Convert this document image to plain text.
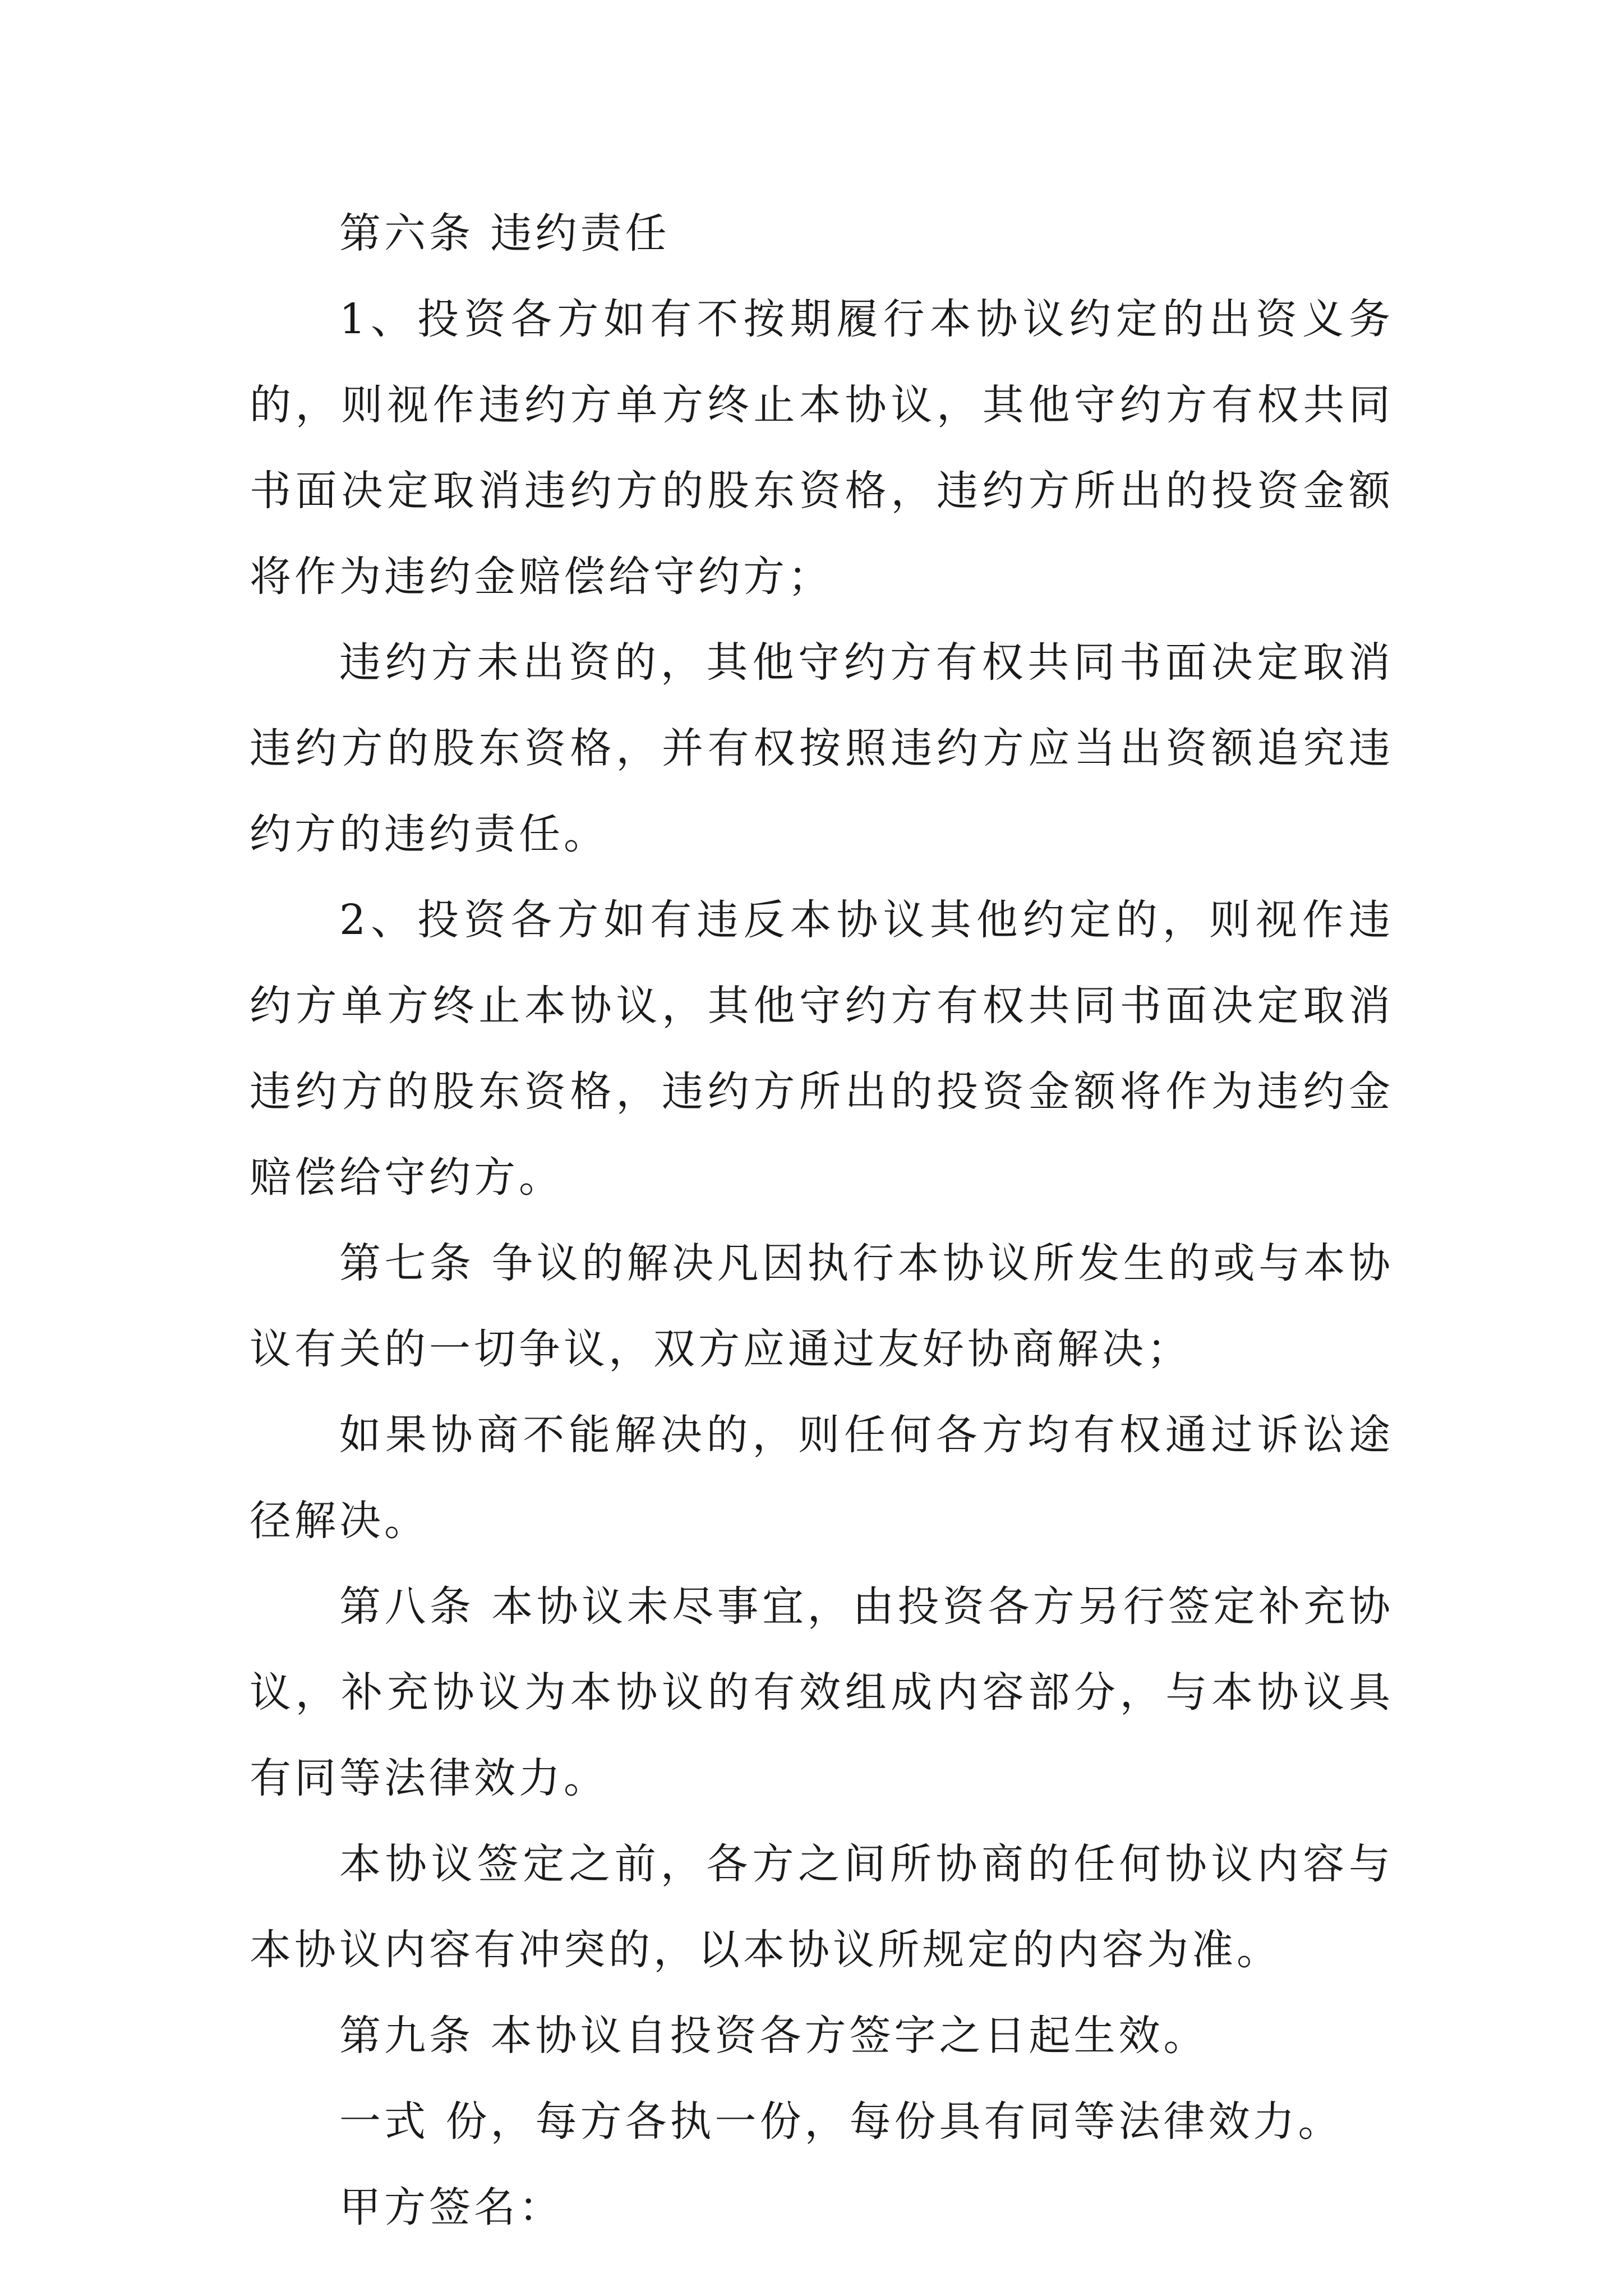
第六条 违约责任

1、投资各方如有不按期履行本协议约定的出资义务的，则视作违约方单方终止本协议，其他守约方有权共同书面决定取消违约方的股东资格，违约方所出的投资金额将作为违约金赔偿给守约方；

违约方未出资的，其他守约方有权共同书面决定取消违约方的股东资格，并有权按照违约方应当出资额追究违约方的违约责任。

2、投资各方如有违反本协议其他约定的，则视作违约方单方终止本协议，其他守约方有权共同书面决定取消违约方的股东资格，违约方所出的投资金额将作为违约金赔偿给守约方。

第七条 争议的解决凡因执行本协议所发生的或与本协议有关的一切争议，双方应通过友好协商解决；

如果协商不能解决的，则任何各方均有权通过诉讼途径解决。

第八条 本协议未尽事宜，由投资各方另行签定补充协议，补充协议为本协议的有效组成内容部分，与本协议具有同等法律效力。

本协议签定之前，各方之间所协商的任何协议内容与本协议内容有冲突的，以本协议所规定的内容为准。

第九条 本协议自投资各方签字之日起生效。

一式 份，每方各执一份，每份具有同等法律效力。

甲方签名：
